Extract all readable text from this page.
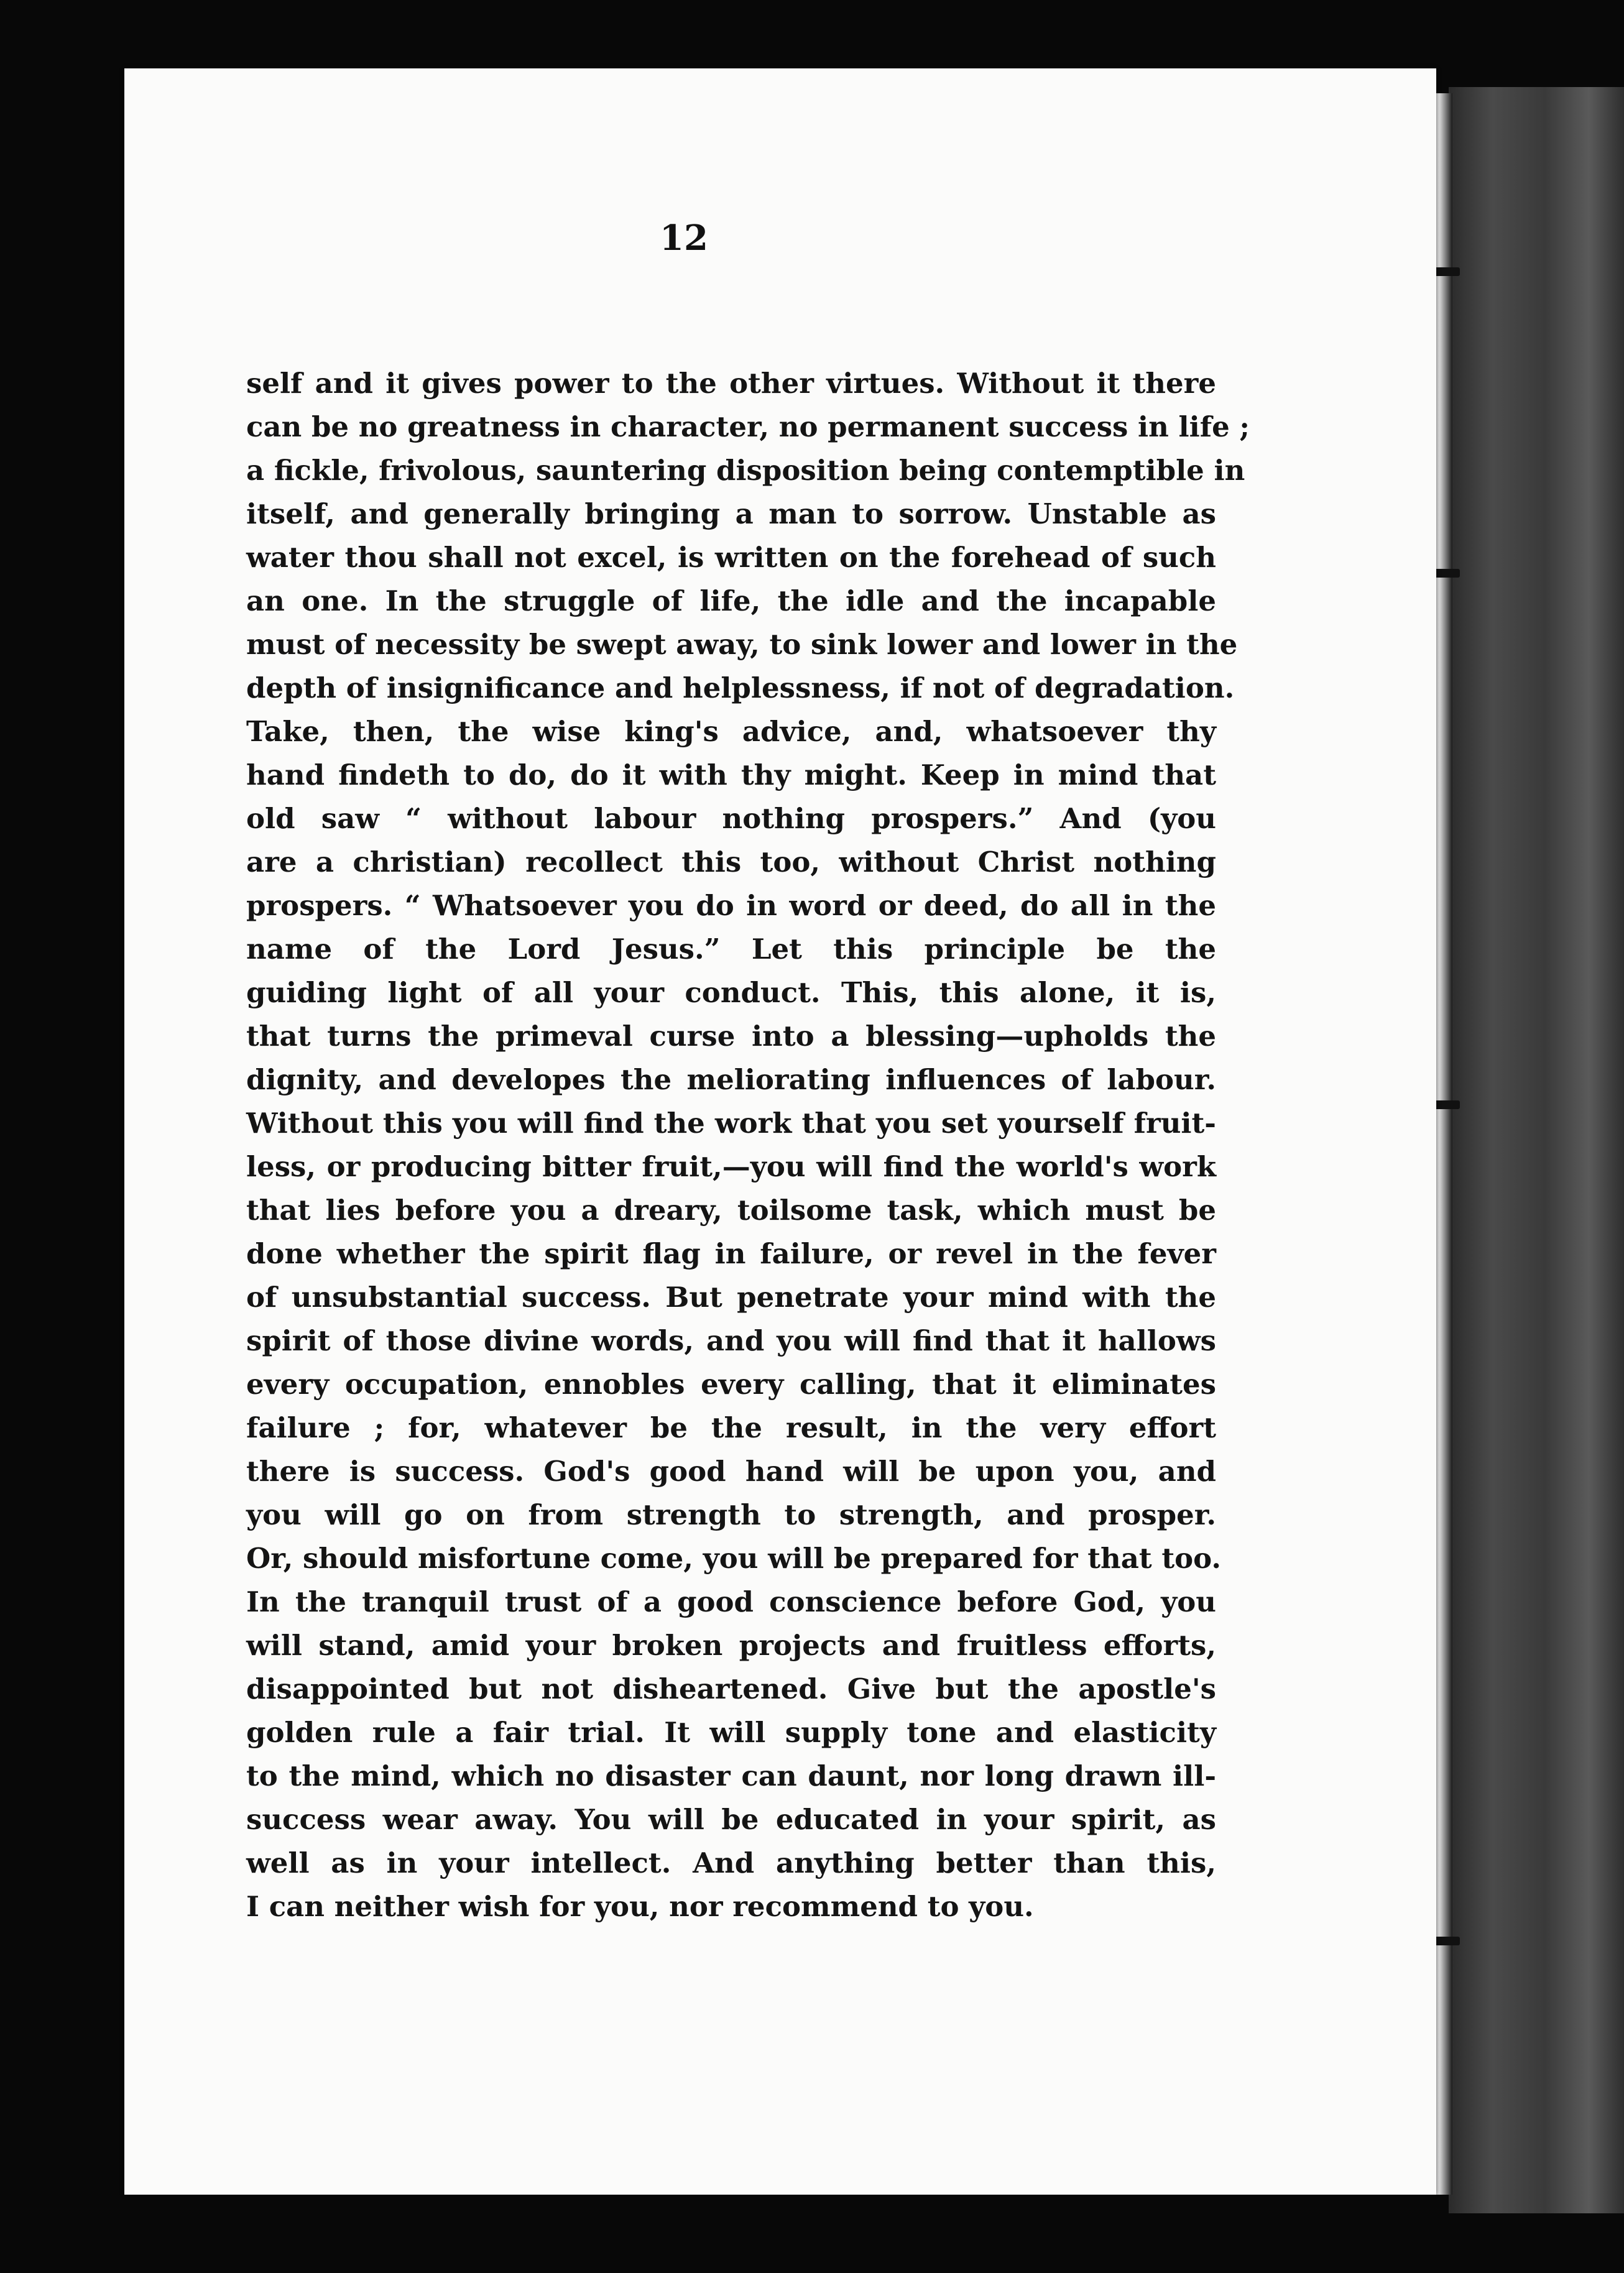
12
self and it gives power to the other virtues. Without it there
can be no greatness in character, no permanent success in life ;
a fickle, frivolous, sauntering disposition being contemptible in
itself, and generally bringing a man to sorrow. Unstable as
water thou shall not excel, is written on the forehead of such
an one. In the struggle of life, the idle and the incapable
must of necessity be swept away, to sink lower and lower in the
depth of insignificance and helplessness, if not of degradation.
Take, then, the wise king's advice, and, whatsoever thy
hand findeth to do, do it with thy might. Keep in mind that
old saw “ without labour nothing prospers.” And (you
are a christian) recollect this too, without Christ nothing
prospers. “ Whatsoever you do in word or deed, do all in the
name of the Lord Jesus.” Let this principle be the
guiding light of all your conduct. This, this alone, it is,
that turns the primeval curse into a blessing—upholds the
dignity, and developes the meliorating influences of labour.
Without this you will find the work that you set yourself fruit-
less, or producing bitter fruit,—you will find the world's work
that lies before you a dreary, toilsome task, which must be
done whether the spirit flag in failure, or revel in the fever
of unsubstantial success. But penetrate your mind with the
spirit of those divine words, and you will find that it hallows
every occupation, ennobles every calling, that it eliminates
failure ; for, whatever be the result, in the very effort
there is success. God's good hand will be upon you, and
you will go on from strength to strength, and prosper.
Or, should misfortune come, you will be prepared for that too.
In the tranquil trust of a good conscience before God, you
will stand, amid your broken projects and fruitless efforts,
disappointed but not disheartened. Give but the apostle's
golden rule a fair trial. It will supply tone and elasticity
to the mind, which no disaster can daunt, nor long drawn ill-
success wear away. You will be educated in your spirit, as
well as in your intellect. And anything better than this,
I can neither wish for you, nor recommend to you.
